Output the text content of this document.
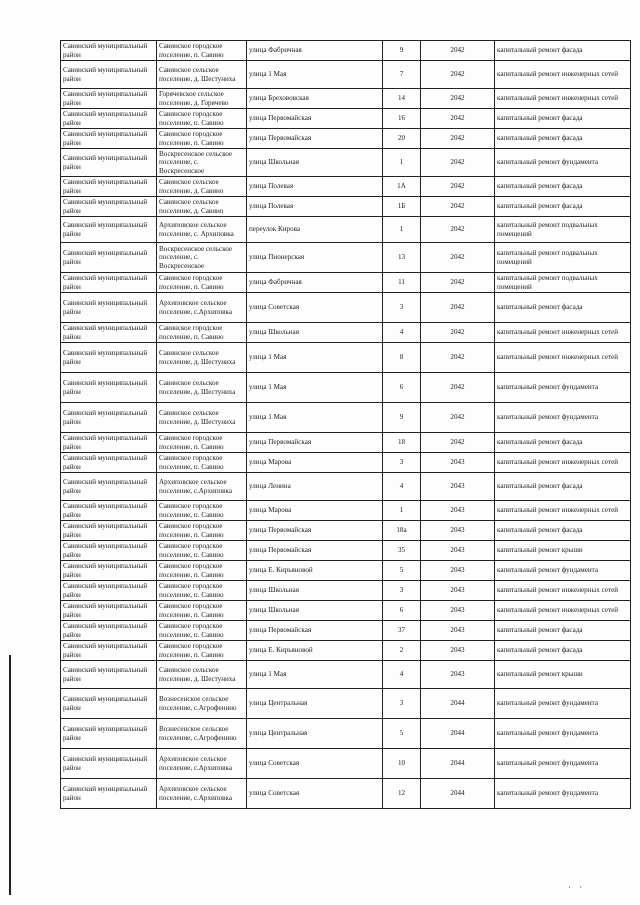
· ·
Савинский муниципальный район	Савинское городское поселение, п. Савино	улица Фабричная	9	2042	капитальный ремонт фасада
Савинский муниципальный район	Савинское сельское поселение, д. Шестуниха	улица 1 Мая	7	2042	капитальный ремонт инженерных сетей
Савинский муниципальный район	Горячевское сельское поселение, д. Горячево	улица Брехововская	14	2042	капитальный ремонт инженерных сетей
Савинский муниципальный район	Савинское городское поселение, п. Савино	улица Первомайская	16	2042	капитальный ремонт фасада
Савинский муниципальный район	Савинское городское поселение, п. Савино	улица Первомайская	20	2042	капитальный ремонт фасада
Савинский муниципальный район	Воскресенское сельское поселение, с. Воскресенское	улица Школьная	1	2042	капитальный ремонт фундамента
Савинский муниципальный район	Савинское сельское поселение, д. Савино	улица Полевая	1А	2042	капитальный ремонт фасада
Савинский муниципальный район	Савинское сельское поселение, д. Савино	улица Полевая	1Б	2042	капитальный ремонт фасада
Савинский муниципальный район	Архиповское сельское поселение, с. Архиповка	переулок Кирова	1	2042	капитальный ремонт подвальных помещений
Савинский муниципальный район	Воскресенское сельское поселение, с. Воскресенское	улица Пионерская	13	2042	капитальный ремонт подвальных помещений
Савинский муниципальный район	Савинское городское поселение, п. Савино	улица Фабричная	11	2042	капитальный ремонт подвальных помещений
Савинский муниципальный район	Архиповское сельское поселение, с.Архиповка	улица Советская	3	2042	капитальный ремонт фасада
Савинский муниципальный район	Савинское городское поселение, п. Савино	улица Школьная	4	2042	капитальный ремонт инженерных сетей
Савинский муниципальный район	Савинское сельское поселение, д. Шестуниха	улица 1 Мая	8	2042	капитальный ремонт инженерных сетей
Савинский муниципальный район	Савинское сельское поселение, д. Шестуниха	улица 1 Мая	6	2042	капитальный ремонт фундамента
Савинский муниципальный район	Савинское сельское поселение, д. Шестуниха	улица 1 Мая	9	2042	капитальный ремонт фундамента
Савинский муниципальный район	Савинское городское поселение, п. Савино	улица Первомайская	18	2042	капитальный ремонт фасада
Савинский муниципальный район	Савинское городское поселение, п. Савино	улица Марова	3	2043	капитальный ремонт инженерных сетей
Савинский муниципальный район	Архиповское сельское поселение, с.Архиповка	улица Ленина	4	2043	капитальный ремонт фасада
Савинский муниципальный район	Савинское городское поселение, п. Савино	улица Марова	1	2043	капитальный ремонт инженерных сетей
Савинский муниципальный район	Савинское городское поселение, п. Савино	улица Первомайская	18а	2043	капитальный ремонт фасада
Савинский муниципальный район	Савинское городское поселение, п. Савино	улица Первомайская	35	2043	капитальный ремонт крыши
Савинский муниципальный район	Савинское городское поселение, п. Савино	улица Е. Кирьяновой	5	2043	капитальный ремонт фундамента
Савинский муниципальный район	Савинское городское поселение, п. Савино	улица Школьная	3	2043	капитальный ремонт инженерных сетей
Савинский муниципальный район	Савинское городское поселение, п. Савино	улица Школьная	6	2043	капитальный ремонт инженерных сетей
Савинский муниципальный район	Савинское городское поселение, п. Савино	улица Первомайская	37	2043	капитальный ремонт фасада
Савинский муниципальный район	Савинское городское поселение, п. Савино	улица Е. Кирьяновой	2	2043	капитальный ремонт фасада
Савинский муниципальный район	Савинское сельское поселение, д. Шестуниха	улица 1 Мая	4	2043	капитальный ремонт крыши
Савинский муниципальный район	Вознесенское сельское поселение, с.Агрофенино	улица Центральная	3	2044	капитальный ремонт фундамента
Савинский муниципальный район	Вознесенское сельское поселение, с.Агрофенино	улица Центральная	5	2044	капитальный ремонт фундамента
Савинский муниципальный район	Архиповское сельское поселение, с.Архиповка	улица Советская	10	2044	капитальный ремонт фундамента
Савинский муниципальный район	Архиповское сельское поселение, с.Архиповка	улица Советская	12	2044	капитальный ремонт фундамента
